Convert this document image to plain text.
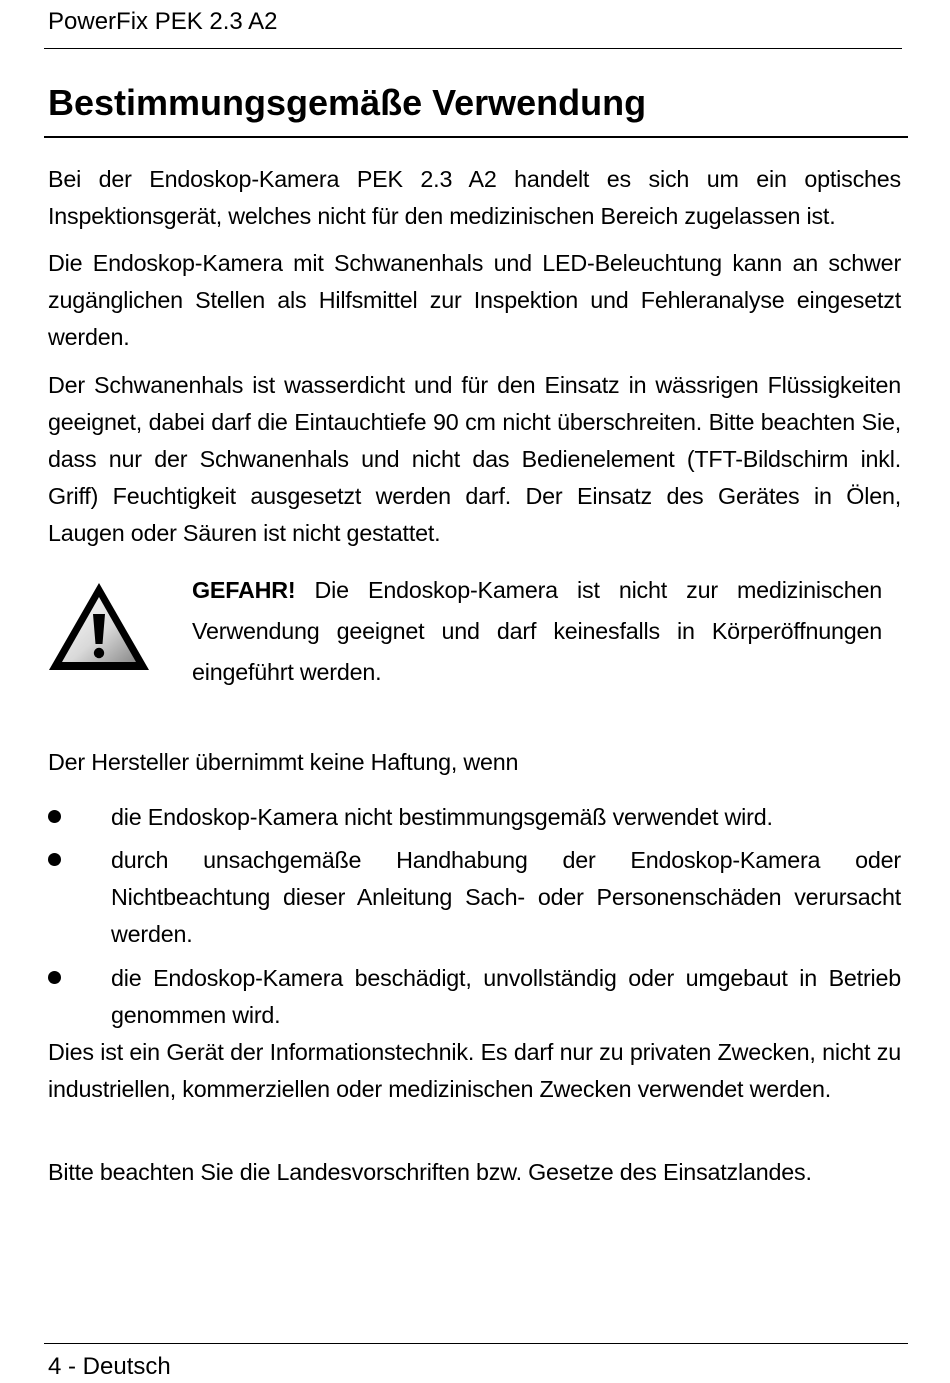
PowerFix PEK 2.3 A2
Bestimmungsgemäße Verwendung

Bei der Endoskop-Kamera PEK 2.3 A2 handelt es sich um ein optisches Inspektionsgerät, welches nicht für den medizinischen Bereich zugelassen ist.

Die Endoskop-Kamera mit Schwanenhals und LED-Beleuchtung kann an schwer zugänglichen Stellen als Hilfsmittel zur Inspektion und Fehleranalyse eingesetzt werden.

Der Schwanenhals ist wasserdicht und für den Einsatz in wässrigen Flüssigkeiten geeignet, dabei darf die Eintauchtiefe 90 cm nicht überschreiten. Bitte beachten Sie, dass nur der Schwanenhals und nicht das Bedienelement (TFT-Bildschirm inkl. Griff) Feuchtigkeit ausgesetzt werden darf. Der Einsatz des Gerätes in Ölen, Laugen oder Säuren ist nicht gestattet.

GEFAHR! Die Endoskop-Kamera ist nicht zur medizinischen Verwendung geeignet und darf keinesfalls in Körperöffnungen eingeführt werden.

Der Hersteller übernimmt keine Haftung, wenn

die Endoskop-Kamera nicht bestimmungsgemäß verwendet wird.
durch unsachgemäße Handhabung der Endoskop-Kamera oder Nichtbeachtung dieser Anleitung Sach- oder Personenschäden verursacht werden.
die Endoskop-Kamera beschädigt, unvollständig oder umgebaut in Betrieb genommen wird.

Dies ist ein Gerät der Informationstechnik. Es darf nur zu privaten Zwecken, nicht zu industriellen, kommerziellen oder medizinischen Zwecken verwendet werden.

Bitte beachten Sie die Landesvorschriften bzw. Gesetze des Einsatzlandes.

4 - Deutsch
